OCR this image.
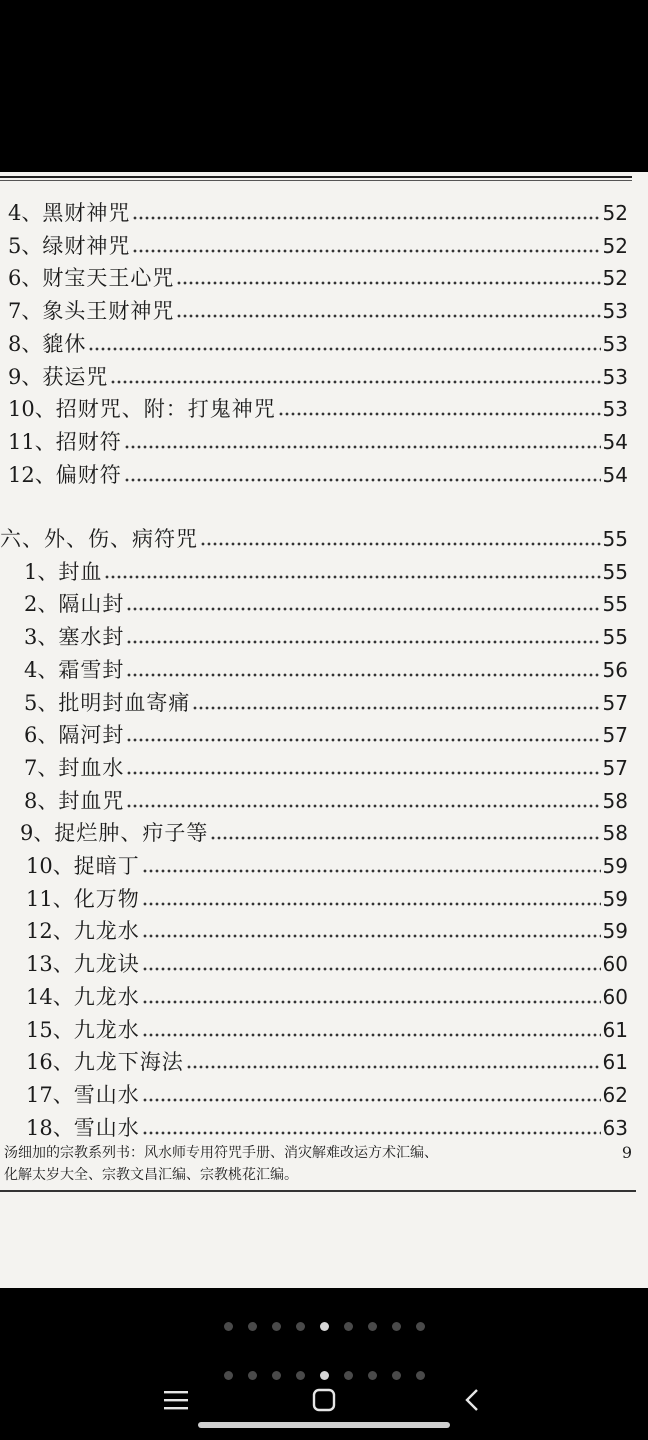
4、 黑财神咒	52
5、 绿财神咒	52
6、 财宝天王心咒	52
7、 象头王财神咒	53
8、 貔休	53
9、 获运咒	53
10、 招财咒、附：打鬼神咒	53
11、 招财符	54
12、 偏财符	54
六、外、伤、病符咒	55
1、 封血	55
2、 隔山封	55
3、 塞水封	55
4、 霜雪封	56
5、 批明封血寄痛	57
6、 隔河封	57
7、 封血水	57
8、 封血咒	58
9、 捉烂肿、疖子等	58
10、 捉暗丁	59
11、 化万物	59
12、 九龙水	59
13、 九龙诀	60
14、 九龙水	60
15、 九龙水	61
16、 九龙下海法	61
17、 雪山水	62
18、 雪山水	63
汤细加的宗教系列书：风水师专用符咒手册、消灾解难改运方术汇编、
化解太岁大全、宗教文昌汇编、宗教桃花汇编。
9
